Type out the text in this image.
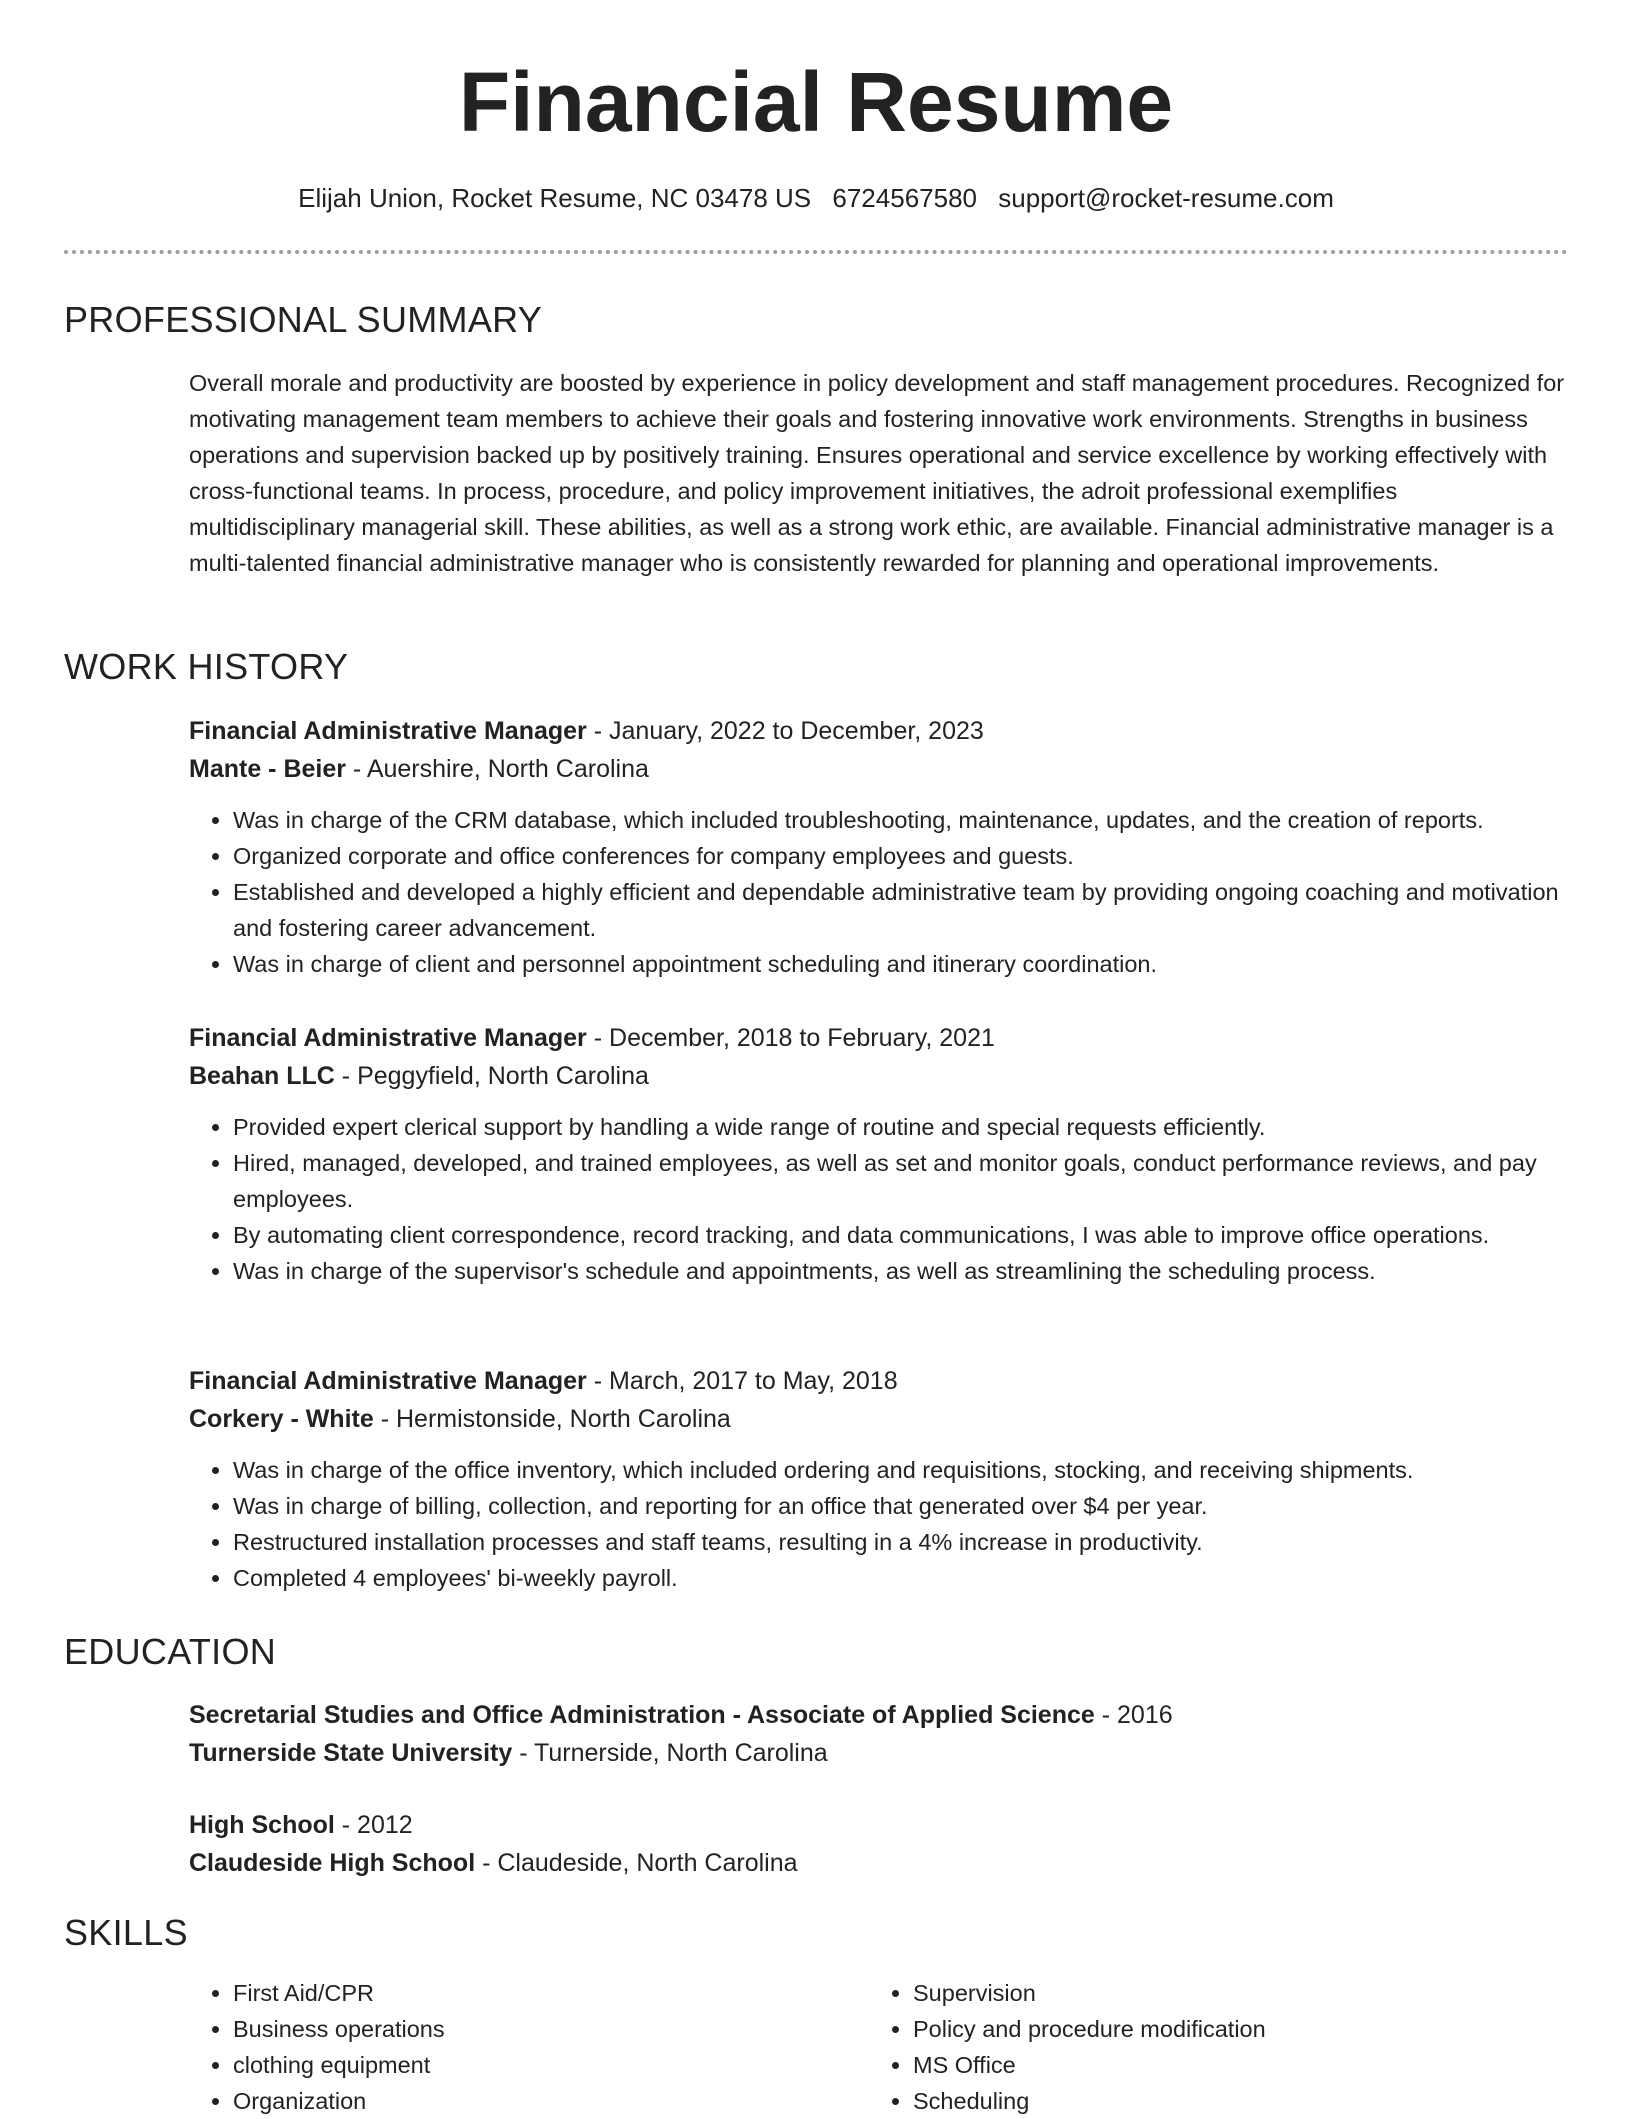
Financial Resume
Elijah Union, Rocket Resume, NC 03478 US 6724567580 support@rocket-resume.com
PROFESSIONAL SUMMARY

Overall morale and productivity are boosted by experience in policy development and staff management procedures. Recognized for motivating management team members to achieve their goals and fostering innovative work environments. Strengths in business operations and supervision backed up by positively training. Ensures operational and service excellence by working effectively with cross-functional teams. In process, procedure, and policy improvement initiatives, the adroit professional exemplifies multidisciplinary managerial skill. These abilities, as well as a strong work ethic, are available. Financial administrative manager is a multi-talented financial administrative manager who is consistently rewarded for planning and operational improvements.

WORK HISTORY
Financial Administrative Manager - January, 2022 to December, 2023
Mante - Beier - Auershire, North Carolina
• Was in charge of the CRM database, which included troubleshooting, maintenance, updates, and the creation of reports.
• Organized corporate and office conferences for company employees and guests.
• Established and developed a highly efficient and dependable administrative team by providing ongoing coaching and motivation and fostering career advancement.
• Was in charge of client and personnel appointment scheduling and itinerary coordination.
Financial Administrative Manager - December, 2018 to February, 2021
Beahan LLC - Peggyfield, North Carolina
• Provided expert clerical support by handling a wide range of routine and special requests efficiently.
• Hired, managed, developed, and trained employees, as well as set and monitor goals, conduct performance reviews, and pay employees.
• By automating client correspondence, record tracking, and data communications, I was able to improve office operations.
• Was in charge of the supervisor's schedule and appointments, as well as streamlining the scheduling process.
Financial Administrative Manager - March, 2017 to May, 2018
Corkery - White - Hermistonside, North Carolina
• Was in charge of the office inventory, which included ordering and requisitions, stocking, and receiving shipments.
• Was in charge of billing, collection, and reporting for an office that generated over $4 per year.
• Restructured installation processes and staff teams, resulting in a 4% increase in productivity.
• Completed 4 employees' bi-weekly payroll.
EDUCATION
Secretarial Studies and Office Administration - Associate of Applied Science - 2016
Turnerside State University - Turnerside, North Carolina
High School - 2012
Claudeside High School - Claudeside, North Carolina
SKILLS
• First Aid/CPR
• Business operations
• clothing equipment
• Organization
• Supervision
• Policy and procedure modification
• MS Office
• Scheduling
